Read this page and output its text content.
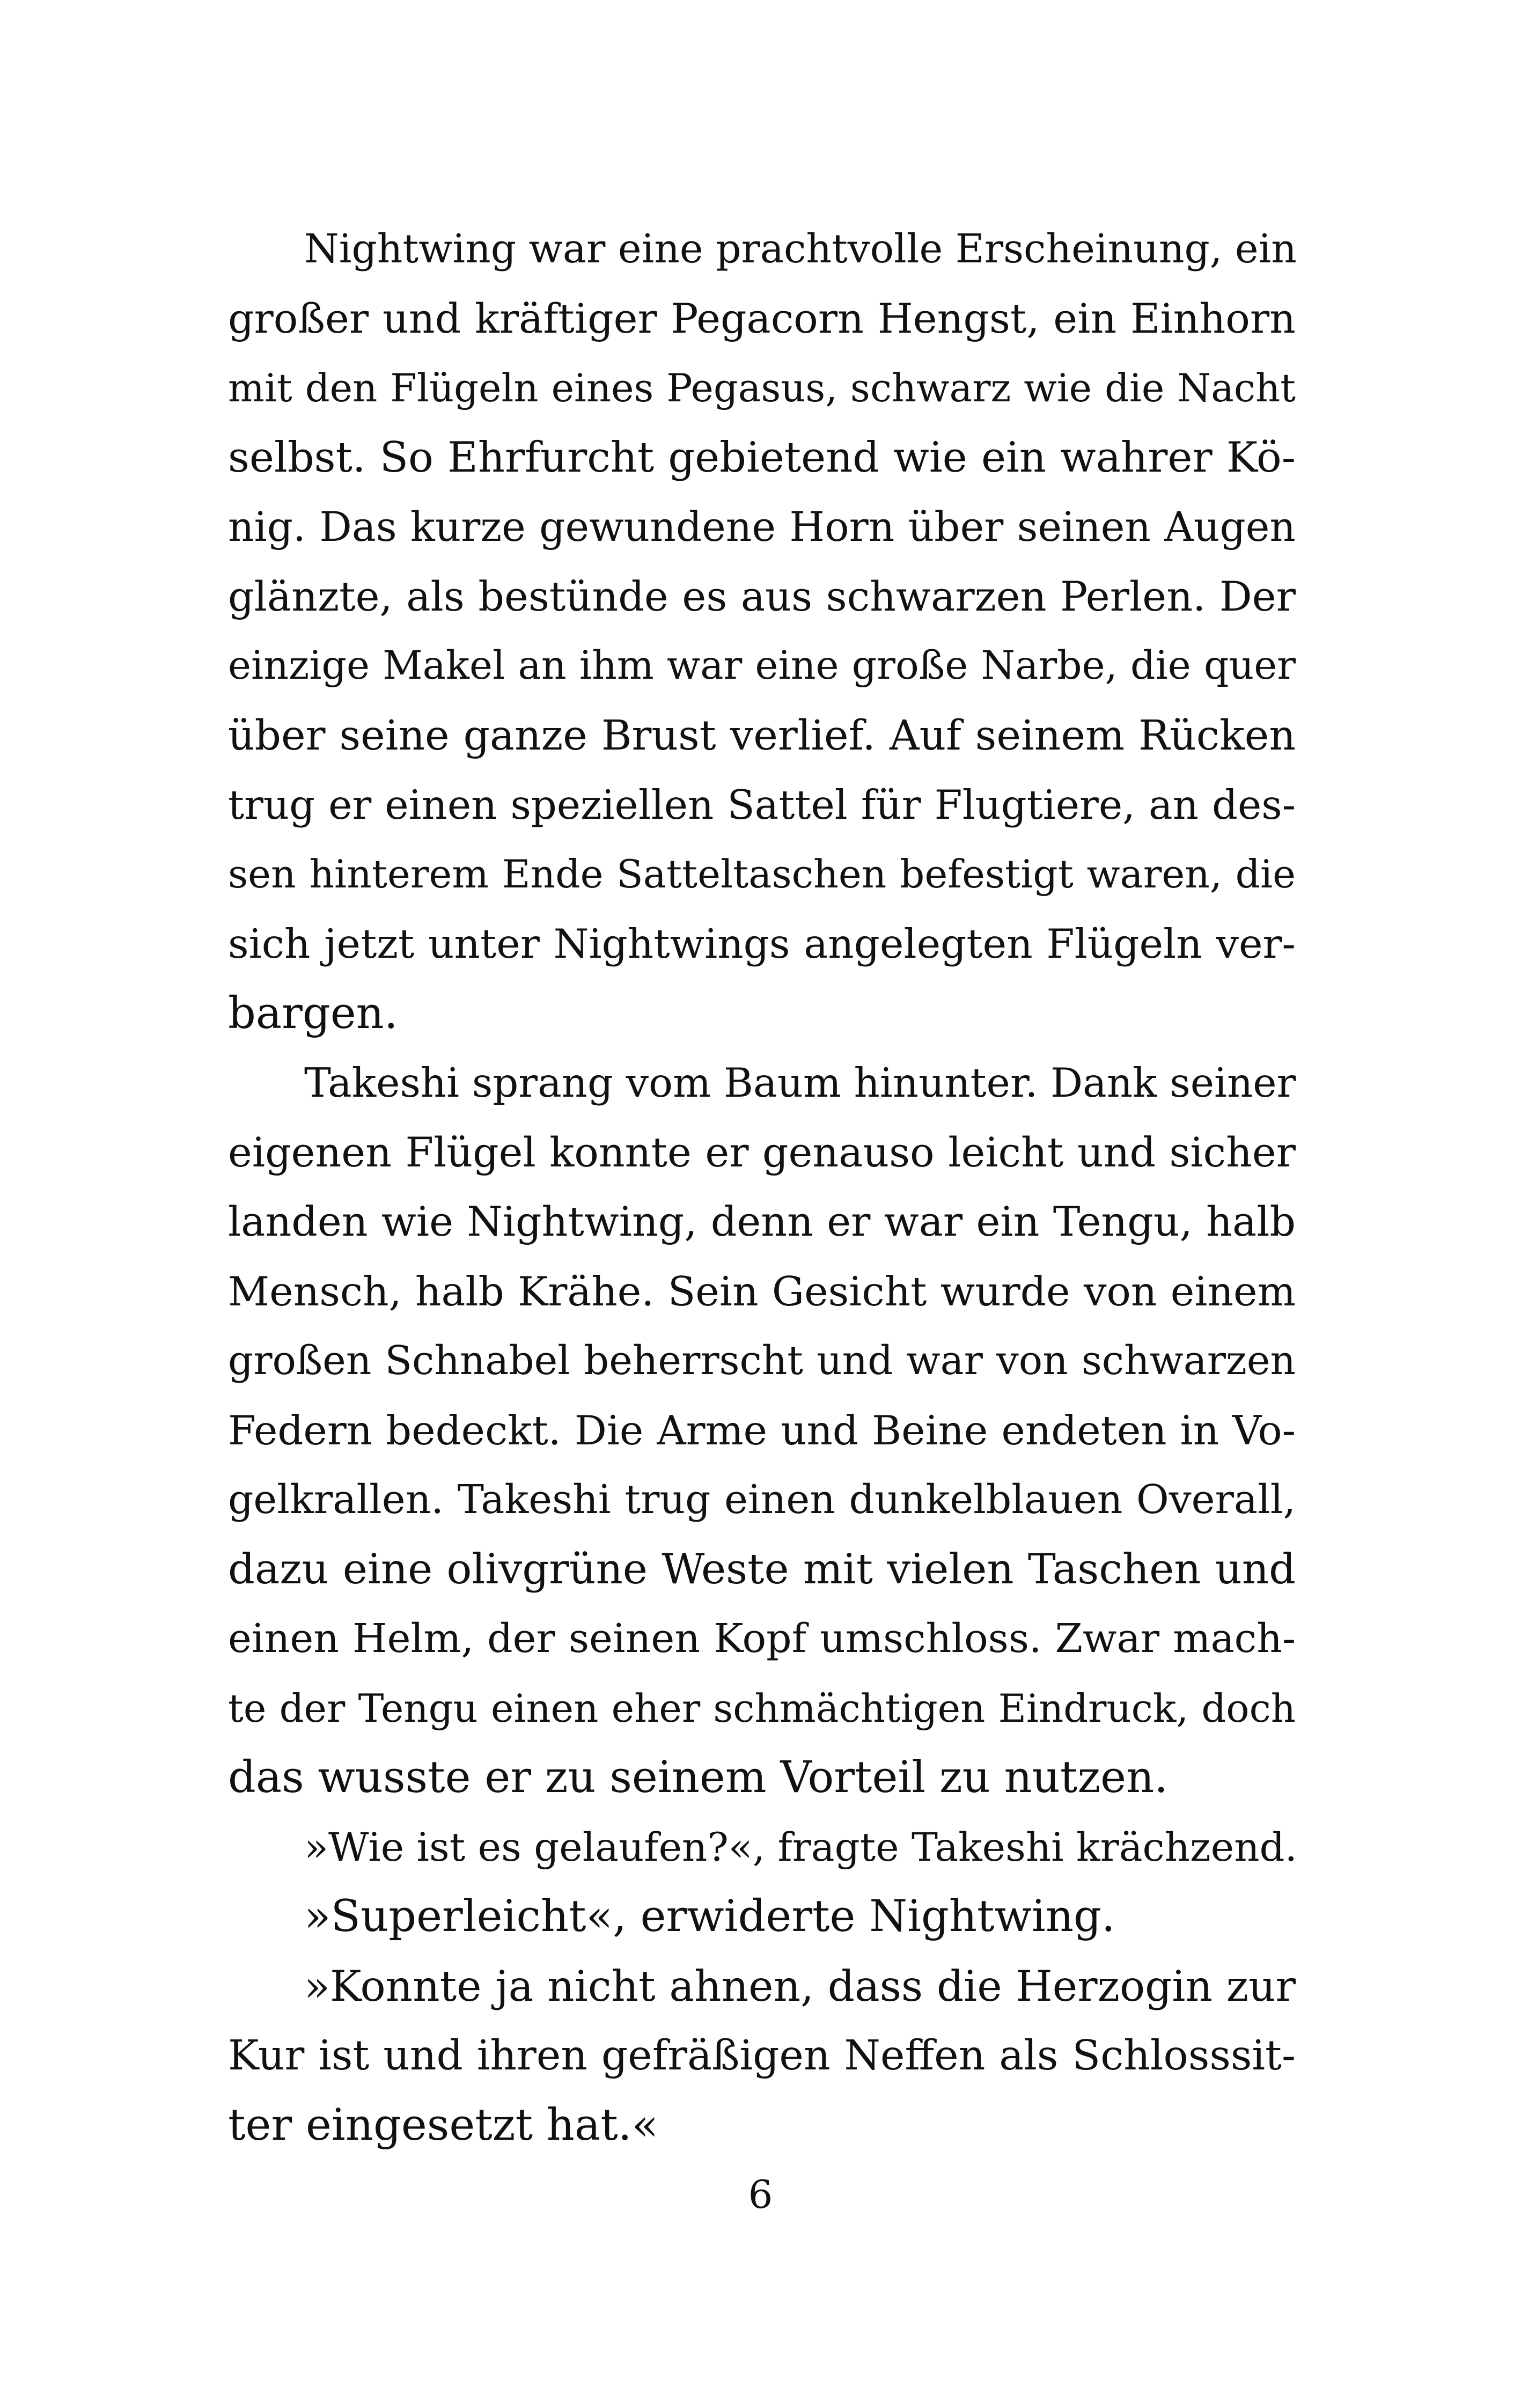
Nightwing war eine prachtvolle Erscheinung, ein
großer und kräftiger Pegacorn Hengst, ein Einhorn
mit den Flügeln eines Pegasus, schwarz wie die Nacht
selbst. So Ehrfurcht gebietend wie ein wahrer Kö-
nig. Das kurze gewundene Horn über seinen Augen
glänzte, als bestünde es aus schwarzen Perlen. Der
einzige Makel an ihm war eine große Narbe, die quer
über seine ganze Brust verlief. Auf seinem Rücken
trug er einen speziellen Sattel für Flugtiere, an des-
sen hinterem Ende Satteltaschen befestigt waren, die
sich jetzt unter Nightwings angelegten Flügeln ver-
bargen.
Takeshi sprang vom Baum hinunter. Dank seiner
eigenen Flügel konnte er genauso leicht und sicher
landen wie Nightwing, denn er war ein Tengu, halb
Mensch, halb Krähe. Sein Gesicht wurde von einem
großen Schnabel beherrscht und war von schwarzen
Federn bedeckt. Die Arme und Beine endeten in Vo-
gelkrallen. Takeshi trug einen dunkelblauen Overall,
dazu eine olivgrüne Weste mit vielen Taschen und
einen Helm, der seinen Kopf umschloss. Zwar mach-
te der Tengu einen eher schmächtigen Eindruck, doch
das wusste er zu seinem Vorteil zu nutzen.
»Wie ist es gelaufen?«, fragte Takeshi krächzend.
»Superleicht«, erwiderte Nightwing.
»Konnte ja nicht ahnen, dass die Herzogin zur
Kur ist und ihren gefräßigen Neffen als Schlosssit-
ter eingesetzt hat.«
6
